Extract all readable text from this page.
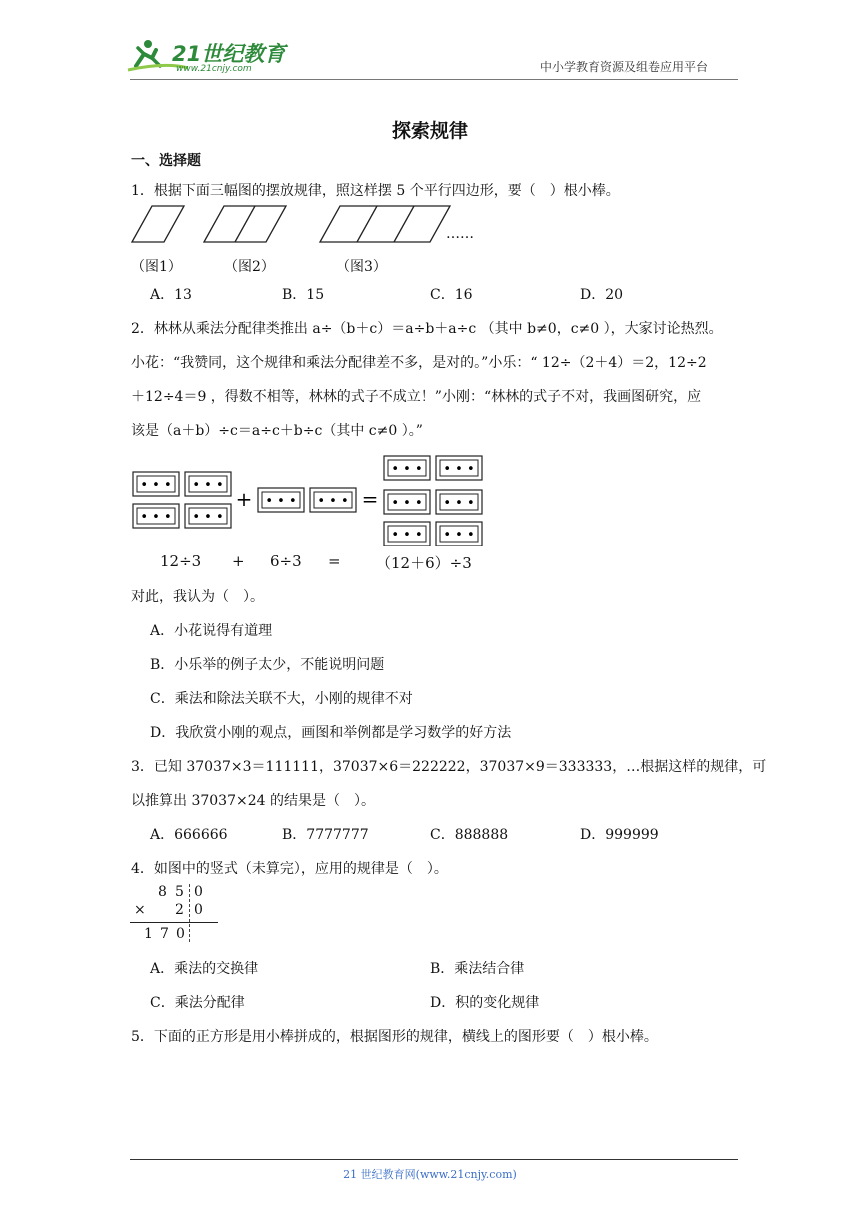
21世纪教育
www.21cnjy.com	中小学教育资源及组卷应用平台
探索规律
一、选择题
1．根据下面三幅图的摆放规律，照这样摆 5 个平行四边形，要（　）根小棒。
……
（图1）	（图2）	（图3）
A．13	B．15	C．16	D．20
2．林林从乘法分配律类推出 a÷（b＋c）＝a÷b＋a÷c （其中 b≠0，c≠0 ），大家讨论热烈。
小花：“我赞同，这个规律和乘法分配律差不多，是对的。”小乐：“ 12÷（2＋4）＝2，12÷2
＋12÷4＝9 ，得数不相等，林林的式子不成立！”小刚：“林林的式子不对，我画图研究，应
该是（a＋b）÷c＝a÷c＋b÷c（其中 c≠0 ）。”
• • • • • •
• • • • • •
• • • • • •
• • • • • •
• • • • • •
• • • • • •
+	=
12÷3 + 6÷3 = （12＋6）÷3
对此，我认为（　）。
A．小花说得有道理
B．小乐举的例子太少，不能说明问题
C．乘法和除法关联不大，小刚的规律不对
D．我欣赏小刚的观点，画图和举例都是学习数学的好方法
3．已知 37037×3＝111111，37037×6＝222222，37037×9＝333333，…根据这样的规律，可
以推算出 37037×24 的结果是（　）。
A．666666	B．7777777	C．888888	D．999999
4．如图中的竖式（未算完），应用的规律是（　）。
8 5 0
× 2 0
1 7 0
A．乘法的交换律	B．乘法结合律
C．乘法分配律	D．积的变化规律
5．下面的正方形是用小棒拼成的，根据图形的规律，横线上的图形要（　）根小棒。
21 世纪教育网(www.21cnjy.com)
